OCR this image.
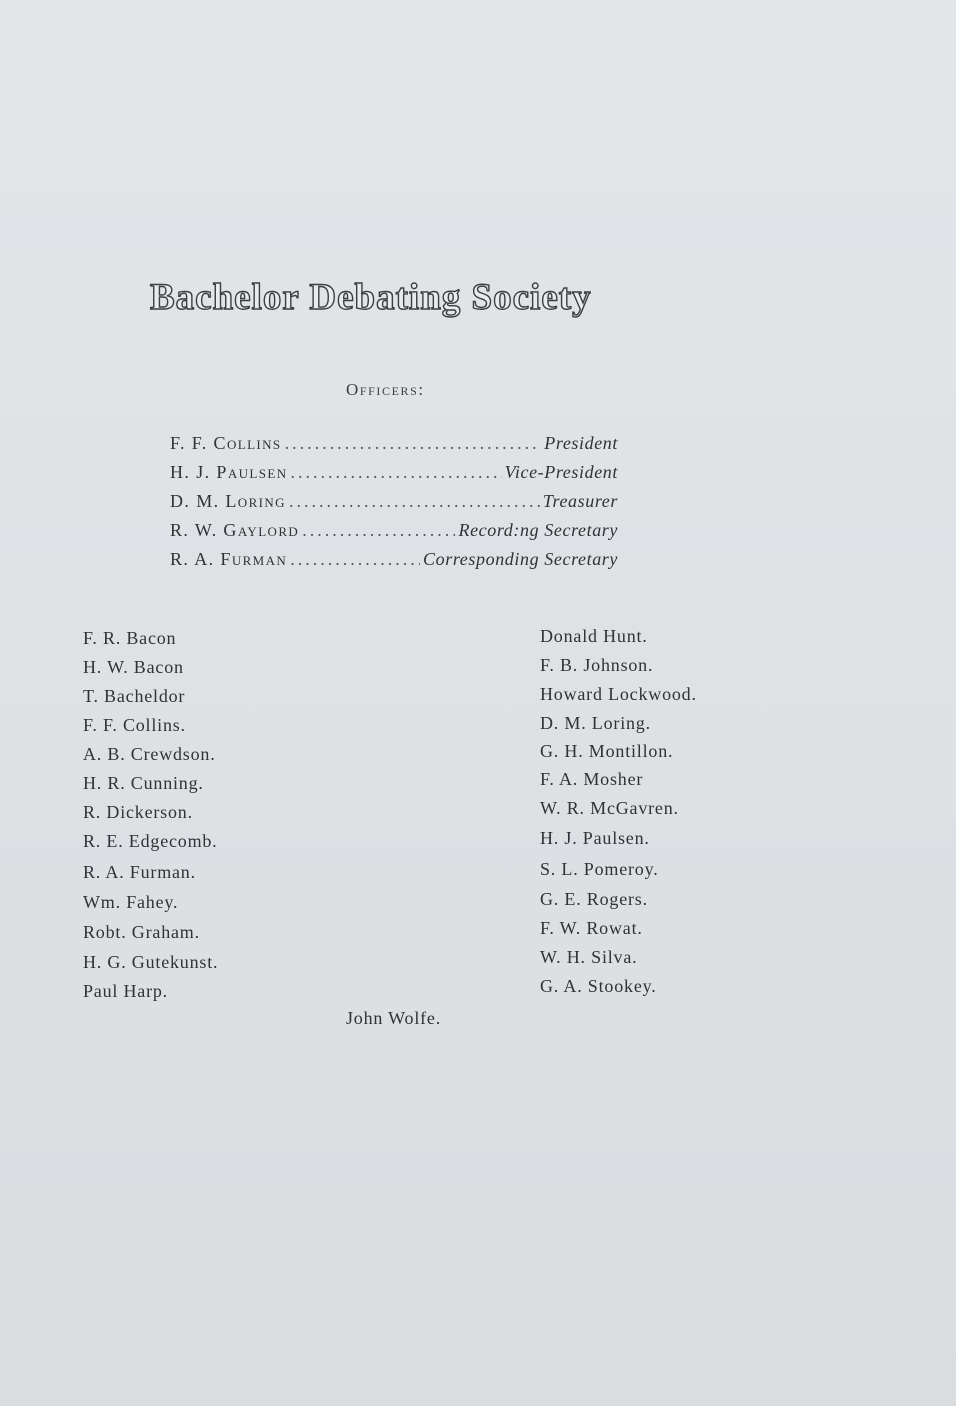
Bachelor Debating Society
Officers:
F. F. Collins .....	President
H. J. Paulsen .....	Vice-President
D. M. Loring .....	Treasurer
R. W. Gaylord .....	Record:ng Secretary
R. A. Furman .....	Corresponding Secretary
F. R. Bacon
H. W. Bacon
T. Bacheldor
F. F. Collins.
A. B. Crewdson.
H. R. Cunning.
R. Dickerson.
R. E. Edgecomb.
R. A. Furman.
Wm. Fahey.
Robt. Graham.
H. G. Gutekunst.
Paul Harp.
Donald Hunt.
F. B. Johnson.
Howard Lockwood.
D. M. Loring.
G. H. Montillon.
F. A. Mosher
W. R. McGavren.
H. J. Paulsen.
S. L. Pomeroy.
G. E. Rogers.
F. W. Rowat.
W. H. Silva.
G. A. Stookey.
John Wolfe.
